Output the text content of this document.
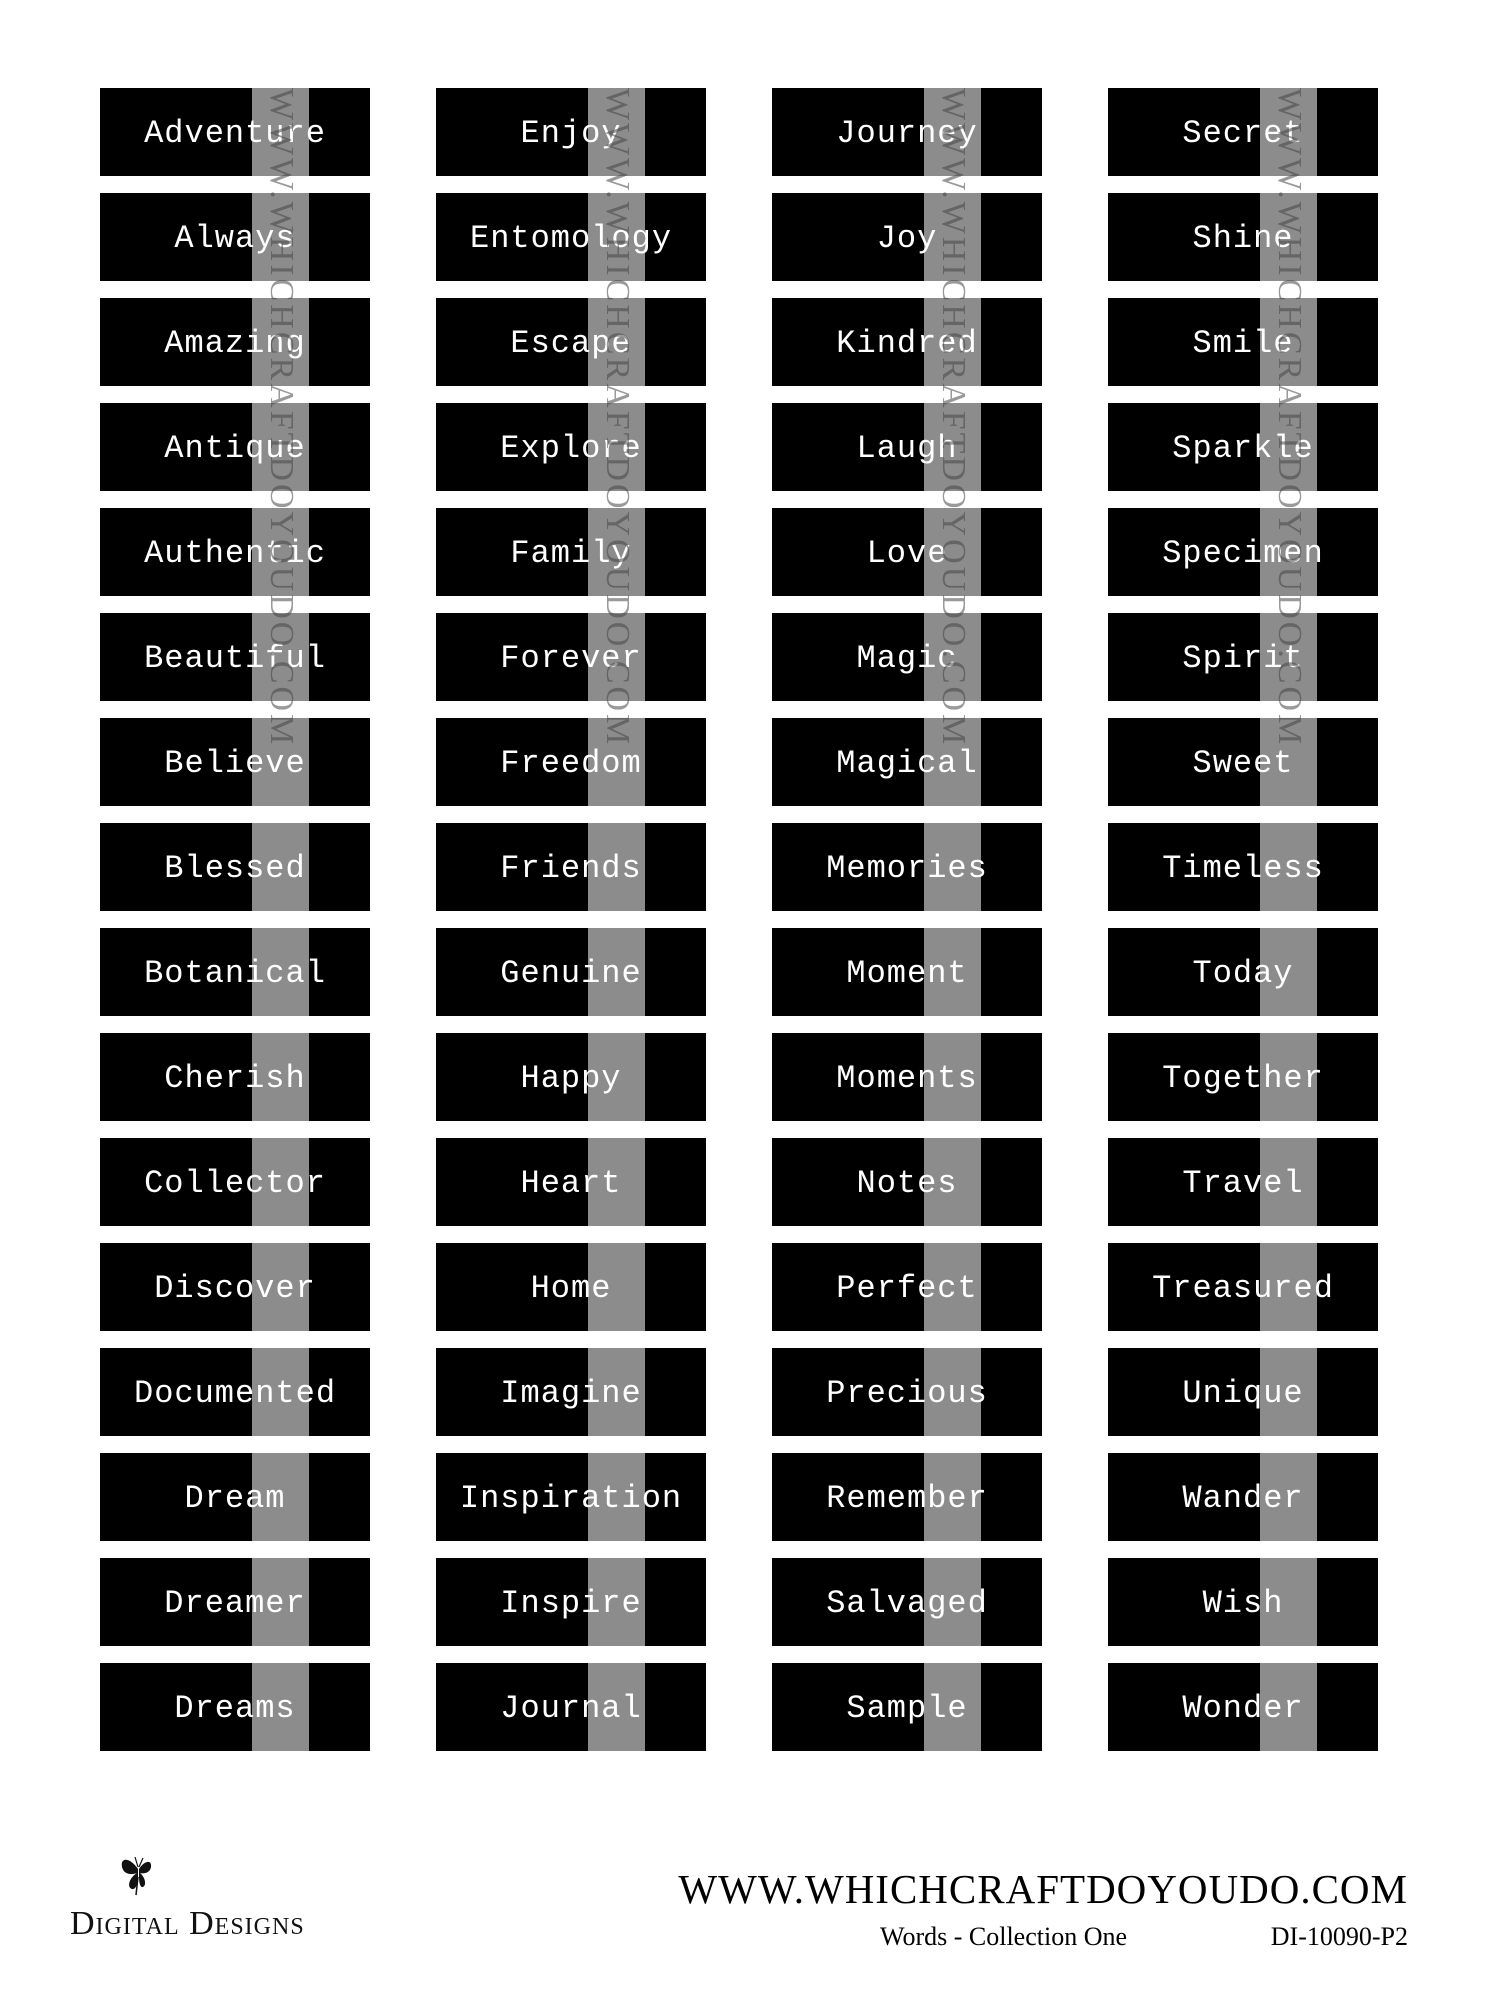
Adventure	Enjoy	Journey	Secret
Always	Entomology	Joy	Shine
Amazing	Escape	Kindred	Smile
Antique	Explore	Laugh	Sparkle
Authentic	Family	Love	Specimen
Beautiful	Forever	Magic	Spirit
Believe	Freedom	Magical	Sweet
Blessed	Friends	Memories	Timeless
Botanical	Genuine	Moment	Today
Cherish	Happy	Moments	Together
Collector	Heart	Notes	Travel
Discover	Home	Perfect	Treasured
Documented	Imagine	Precious	Unique
Dream	Inspiration	Remember	Wander
Dreamer	Inspire	Salvaged	Wish
Dreams	Journal	Sample	Wonder
WWW.WHICHCRAFTDOYOUDO.COM	WWW.WHICHCRAFTDOYOUDO.COM	WWW.WHICHCRAFTDOYOUDO.COM	WWW.WHICHCRAFTDOYOUDO.COM
Digital Designs
WWW.WHICHCRAFTDOYOUDO.COM
Words - Collection One	DI-10090-P2
